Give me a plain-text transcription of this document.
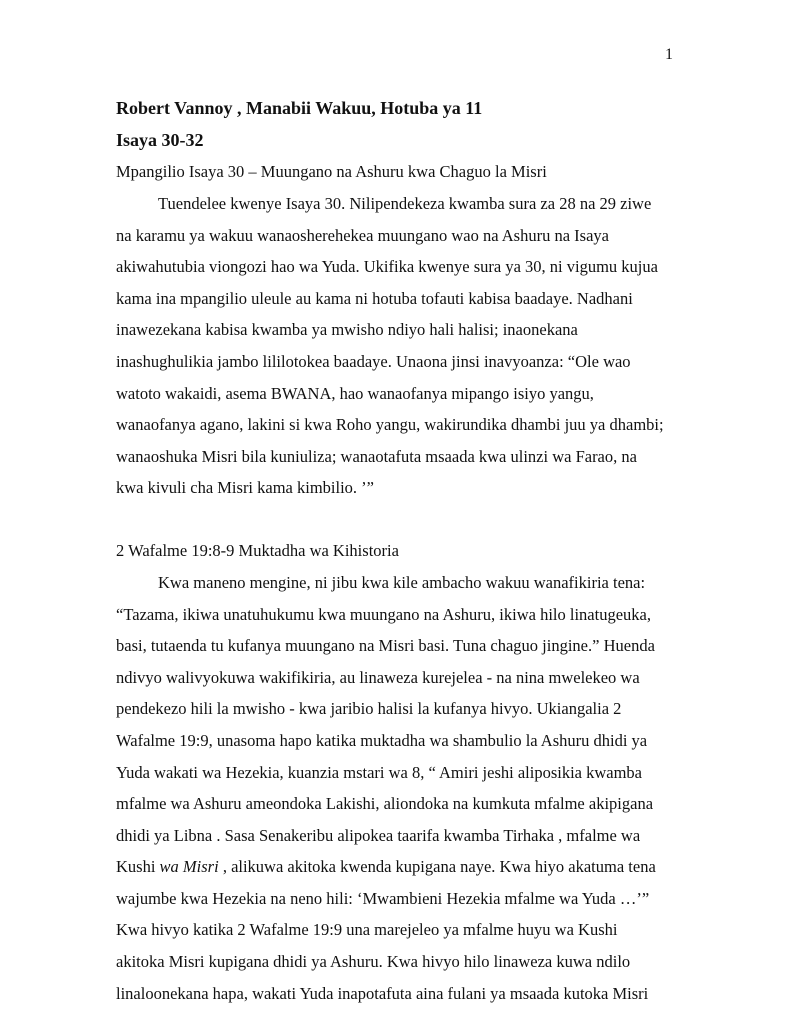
1

Robert Vannoy , Manabii Wakuu, Hotuba ya 11

Isaya 30-32

Mpangilio Isaya 30 – Muungano na Ashuru kwa Chaguo la Misri

Tuendelee kwenye Isaya 30. Nilipendekeza kwamba sura za 28 na 29 ziwe
na karamu ya wakuu wanaosherehekea muungano wao na Ashuru na Isaya
akiwahutubia viongozi hao wa Yuda. Ukifika kwenye sura ya 30, ni vigumu kujua
kama ina mpangilio uleule au kama ni hotuba tofauti kabisa baadaye. Nadhani
inawezekana kabisa kwamba ya mwisho ndiyo hali halisi; inaonekana
inashughulikia jambo lililotokea baadaye. Unaona jinsi inavyoanza: “Ole wao
watoto wakaidi, asema BWANA, hao wanaofanya mipango isiyo yangu,
wanaofanya agano, lakini si kwa Roho yangu, wakirundika dhambi juu ya dhambi;
wanaoshuka Misri bila kuniuliza; wanaotafuta msaada kwa ulinzi wa Farao, na
kwa kivuli cha Misri kama kimbilio. ’”

2 Wafalme 19:8-9 Muktadha wa Kihistoria

Kwa maneno mengine, ni jibu kwa kile ambacho wakuu wanafikiria tena:
“Tazama, ikiwa unatuhukumu kwa muungano na Ashuru, ikiwa hilo linatugeuka,
basi, tutaenda tu kufanya muungano na Misri basi. Tuna chaguo jingine.” Huenda
ndivyo walivyokuwa wakifikiria, au linaweza kurejelea - na nina mwelekeo wa
pendekezo hili la mwisho - kwa jaribio halisi la kufanya hivyo. Ukiangalia 2
Wafalme 19:9, unasoma hapo katika muktadha wa shambulio la Ashuru dhidi ya
Yuda wakati wa Hezekia, kuanzia mstari wa 8, “ Amiri jeshi aliposikia kwamba
mfalme wa Ashuru ameondoka Lakishi, aliondoka na kumkuta mfalme akipigana
dhidi ya Libna . Sasa Senakeribu alipokea taarifa kwamba Tirhaka , mfalme wa
Kushi wa Misri , alikuwa akitoka kwenda kupigana naye. Kwa hiyo akatuma tena
wajumbe kwa Hezekia na neno hili: ‘Mwambieni Hezekia mfalme wa Yuda …’”
Kwa hivyo katika 2 Wafalme 19:9 una marejeleo ya mfalme huyu wa Kushi
akitoka Misri kupigana dhidi ya Ashuru. Kwa hivyo hilo linaweza kuwa ndilo
linaloonekana hapa, wakati Yuda inapotafuta aina fulani ya msaada kutoka Misri
